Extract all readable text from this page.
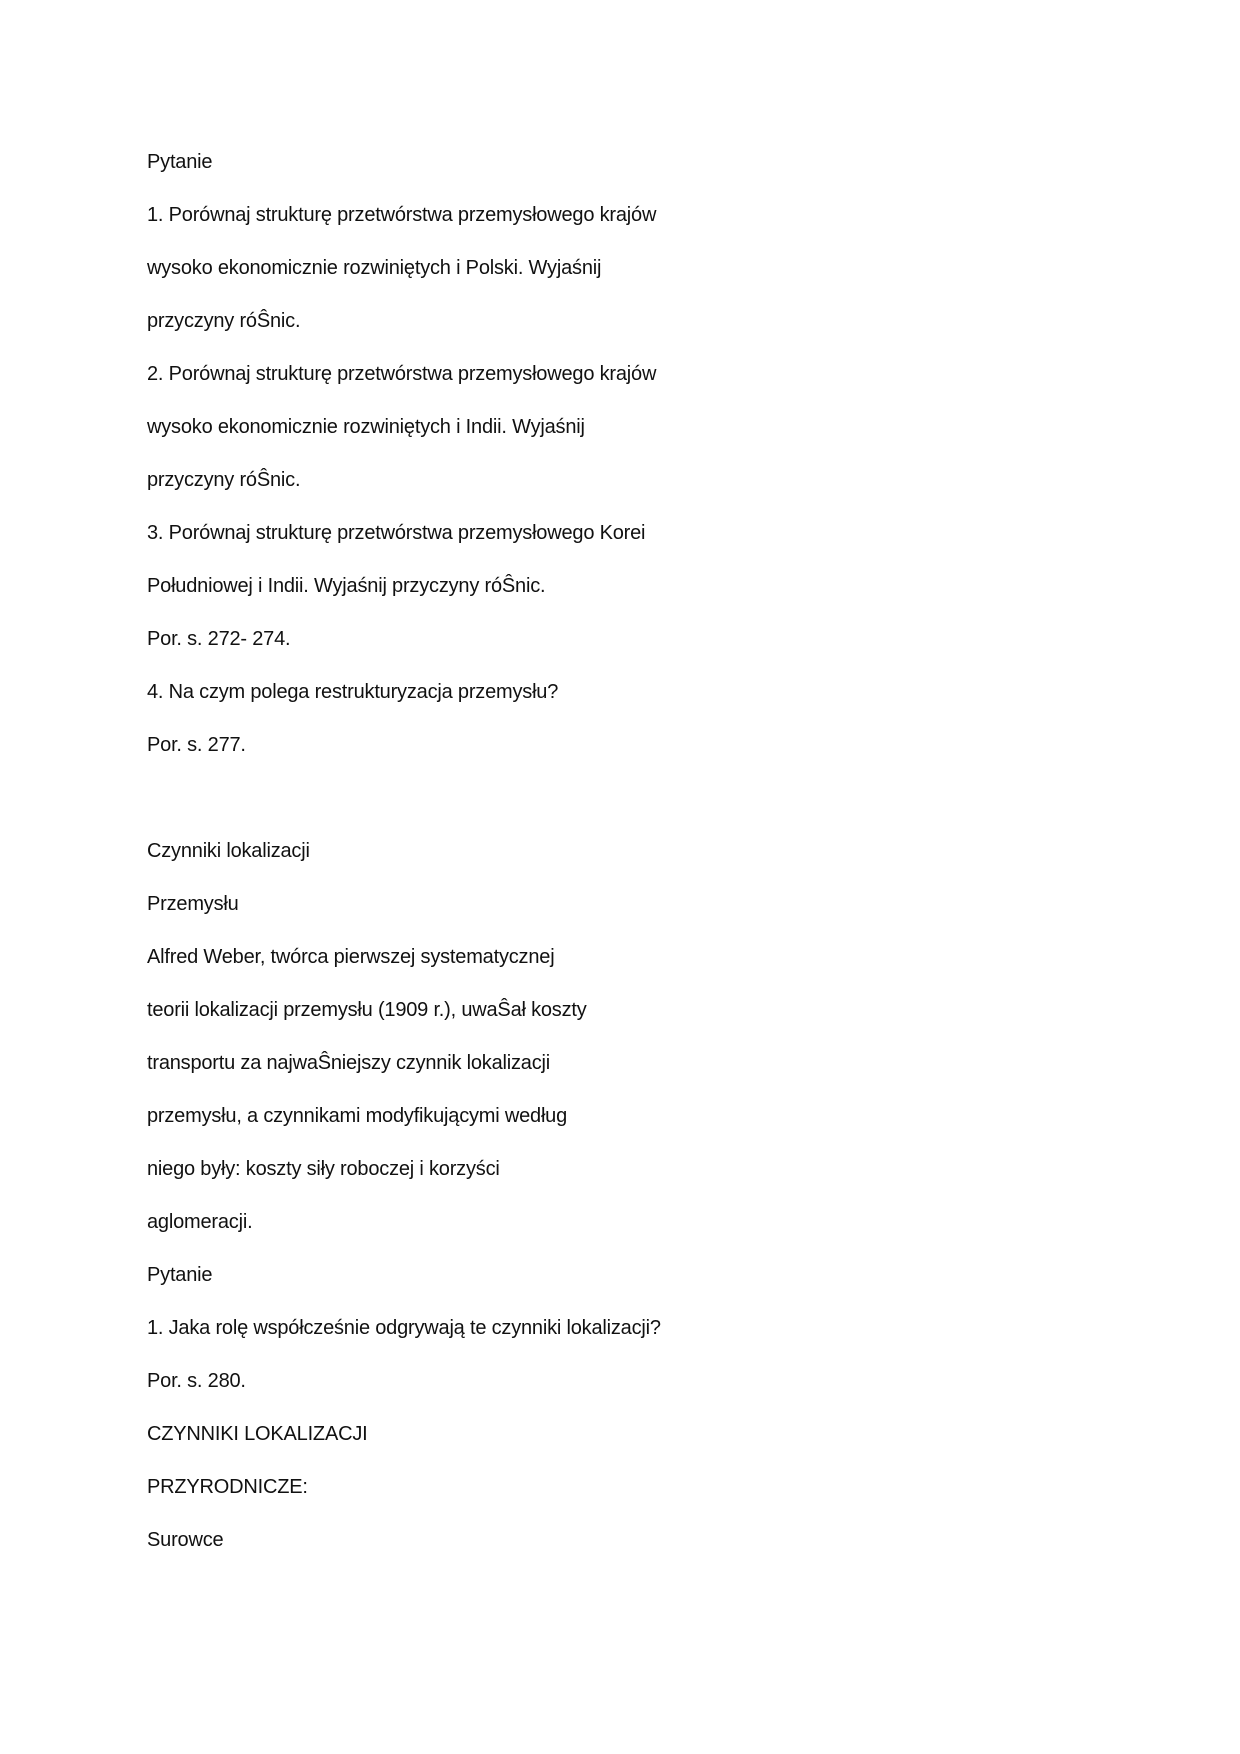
Pytanie

1. Porównaj strukturę przetwórstwa przemysłowego krajów

wysoko ekonomicznie rozwiniętych i Polski. Wyjaśnij

przyczyny róŜnic.

2. Porównaj strukturę przetwórstwa przemysłowego krajów

wysoko ekonomicznie rozwiniętych i Indii. Wyjaśnij

przyczyny róŜnic.

3. Porównaj strukturę przetwórstwa przemysłowego Korei

Południowej i Indii. Wyjaśnij przyczyny róŜnic.

Por. s. 272- 274.

4. Na czym polega restrukturyzacja przemysłu?

Por. s. 277.

Czynniki lokalizacji

Przemysłu

Alfred Weber, twórca pierwszej systematycznej

teorii lokalizacji przemysłu (1909 r.), uwaŜał koszty

transportu za najwaŜniejszy czynnik lokalizacji

przemysłu, a czynnikami modyfikującymi według

niego były: koszty siły roboczej i korzyści

aglomeracji.

Pytanie

1. Jaka rolę współcześnie odgrywają te czynniki lokalizacji?

Por. s. 280.

CZYNNIKI LOKALIZACJI

PRZYRODNICZE:

Surowce
